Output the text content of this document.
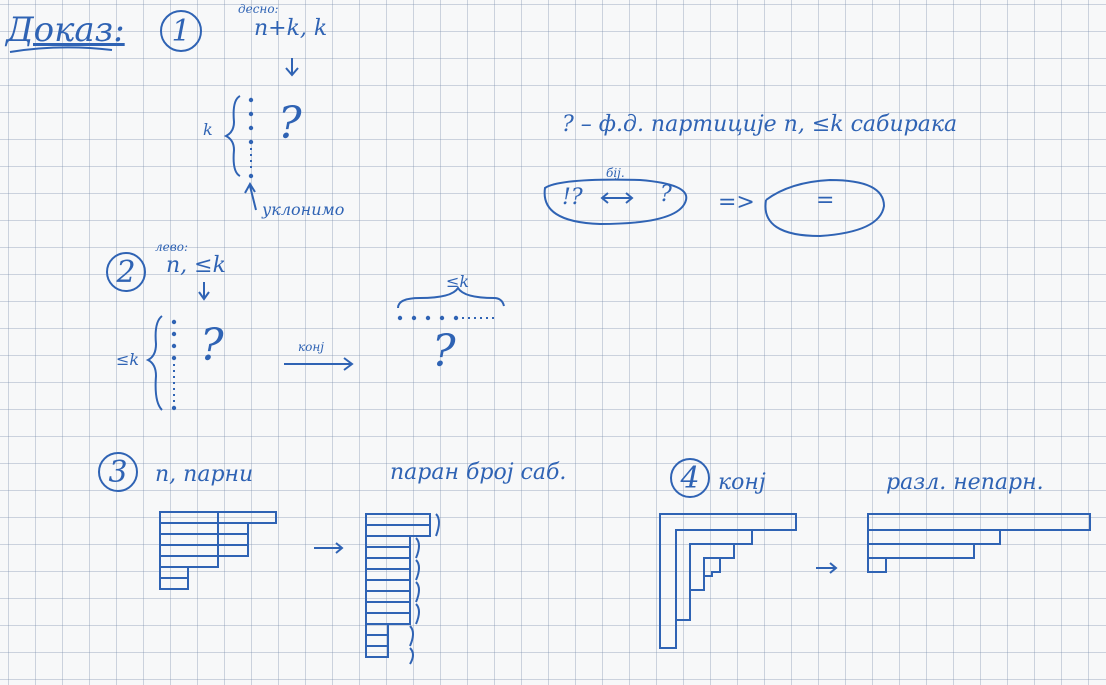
Доказ: 1
десно:
n+k, k
k ?
уклонимо
? – ф.д. партиције n, ≤k сабирака
бij.
!?	? =>	=
2
лево:
n, ≤k
≤k ?	конј
≤k
?
3 n, парни	паран број саб.	4 конј	разл. непарн.
